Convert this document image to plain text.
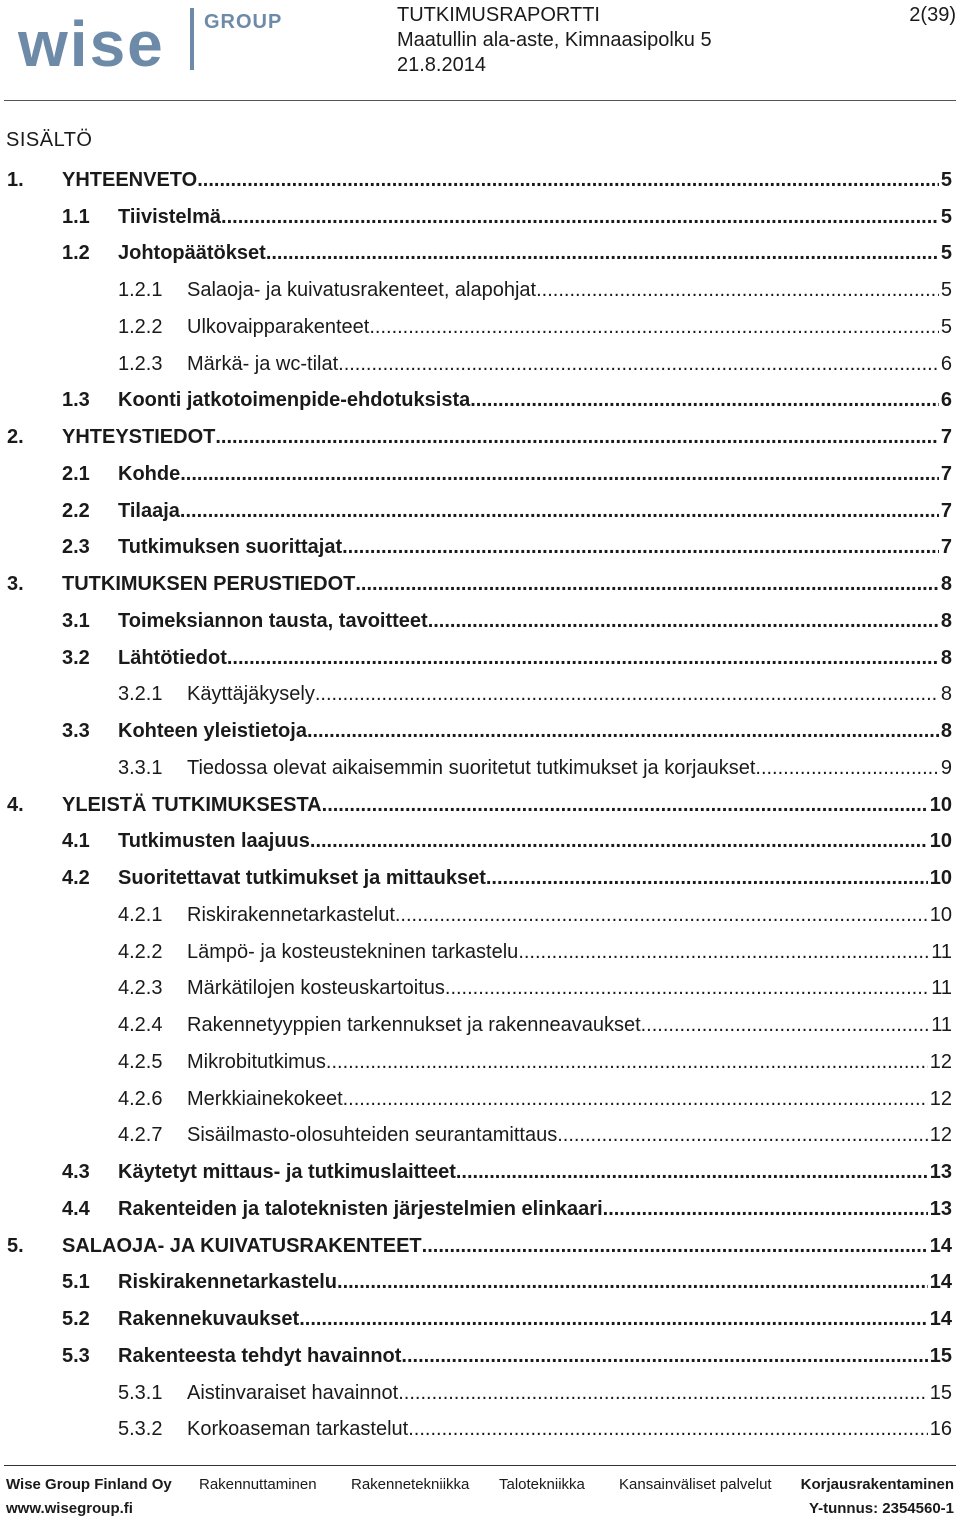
wise GROUP	TUTKIMUSRAPORTTI
Maatullin ala-aste, Kimnaasipolku 5
21.8.2014
2(39)
SISÄLTÖ
1. YHTEENVETO .....	5
1.1 Tiivistelmä .....	5
1.2 Johtopäätökset .....	5
1.2.1 Salaoja- ja kuivatusrakenteet, alapohjat .....	5
1.2.2 Ulkovaipparakenteet .....	5
1.2.3 Märkä- ja wc-tilat .....	6
1.3 Koonti jatkotoimenpide-ehdotuksista .....	6
2. YHTEYSTIEDOT .....	7
2.1 Kohde .....	7
2.2 Tilaaja .....	7
2.3 Tutkimuksen suorittajat .....	7
3. TUTKIMUKSEN PERUSTIEDOT .....	8
3.1 Toimeksiannon tausta, tavoitteet .....	8
3.2 Lähtötiedot .....	8
3.2.1 Käyttäjäkysely .....	8
3.3 Kohteen yleistietoja .....	8
3.3.1 Tiedossa olevat aikaisemmin suoritetut tutkimukset ja korjaukset .....	9
4. YLEISTÄ TUTKIMUKSESTA .....	10
4.1 Tutkimusten laajuus .....	10
4.2 Suoritettavat tutkimukset ja mittaukset .....	10
4.2.1 Riskirakennetarkastelut .....	10
4.2.2 Lämpö- ja kosteustekninen tarkastelu .....	11
4.2.3 Märkätilojen kosteuskartoitus .....	11
4.2.4 Rakennetyyppien tarkennukset ja rakenneavaukset .....	11
4.2.5 Mikrobitutkimus .....	12
4.2.6 Merkkiainekokeet .....	12
4.2.7 Sisäilmasto-olosuhteiden seurantamittaus .....	12
4.3 Käytetyt mittaus- ja tutkimuslaitteet .....	13
4.4 Rakenteiden ja taloteknisten järjestelmien elinkaari .....	13
5. SALAOJA- JA KUIVATUSRAKENTEET .....	14
5.1 Riskirakennetarkastelu .....	14
5.2 Rakennekuvaukset .....	14
5.3 Rakenteesta tehdyt havainnot .....	15
5.3.1 Aistinvaraiset havainnot .....	15
5.3.2 Korkoaseman tarkastelut .....	16
Wise Group Finland Oy Rakennuttaminen Rakennetekniikka Talotekniikka Kansainväliset palvelut Korjausrakentaminen
www.wisegroup.fi	Y-tunnus: 2354560-1
